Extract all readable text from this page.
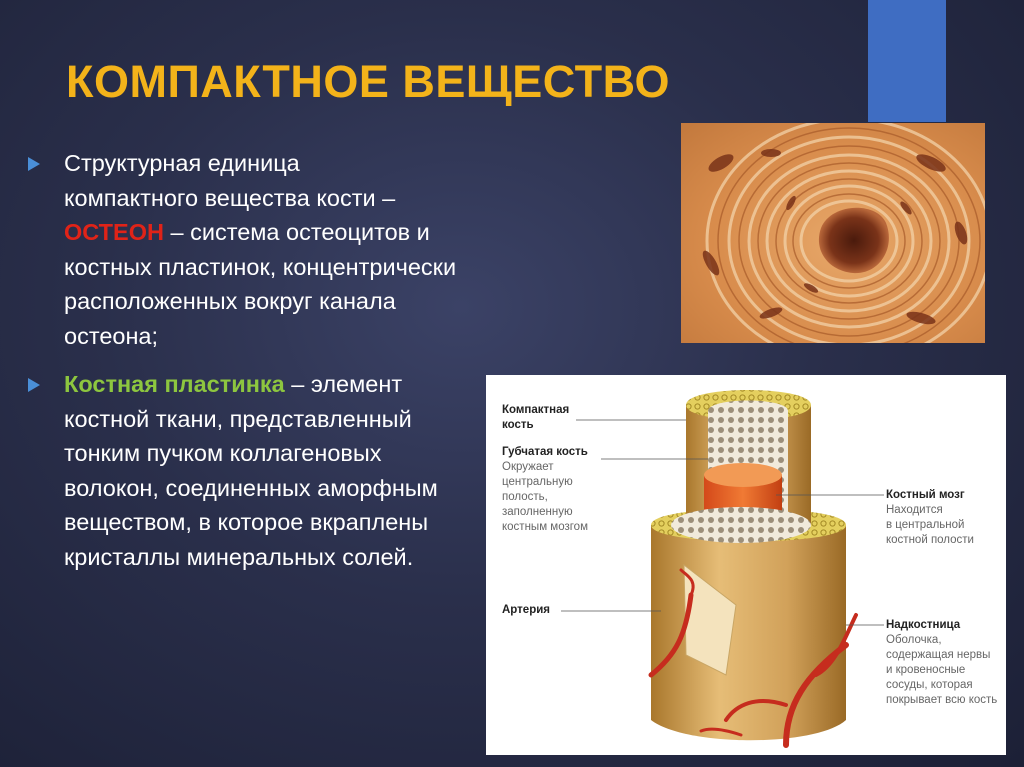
КОМПАКТНОЕ ВЕЩЕСТВО
Структурная единица
компактного вещества кости –
ОСТЕОН – система остеоцитов и костных пластинок, концентрически расположенных вокруг канала остеона;
Костная пластинка – элемент костной ткани, представленный тонким пучком коллагеновых волокон, соединенных аморфным веществом, в которое вкраплены кристаллы минеральных солей.
Компактная
кость
Губчатая кость
Окружает
центральную
полость,
заполненную
костным мозгом
Артерия
Костный мозг
Находится
в центральной
костной полости
Надкостница
Оболочка,
содержащая нервы
и кровеносные
сосуды, которая
покрывает всю кость
